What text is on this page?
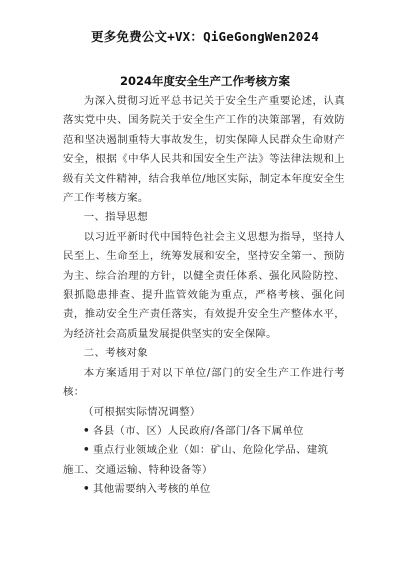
更多免费公文+VX：QiGeGongWen2024
2024年度安全生产工作考核方案

为深入贯彻习近平总书记关于安全生产重要论述，认真落实党中央、国务院关于安全生产工作的决策部署，有效防范和坚决遏制重特大事故发生，切实保障人民群众生命财产安全，根据《中华人民共和国安全生产法》等法律法规和上级有关文件精神，结合我单位/地区实际，制定本年度安全生产工作考核方案。

一、指导思想

以习近平新时代中国特色社会主义思想为指导，坚持人民至上、生命至上，统筹发展和安全，坚持安全第一、预防为主、综合治理的方针，以健全责任体系、强化风险防控、狠抓隐患排查、提升监管效能为重点，严格考核、强化问责，推动安全生产责任落实，有效提升安全生产整体水平，为经济社会高质量发展提供坚实的安全保障。

二、考核对象

本方案适用于对以下单位/部门的安全生产工作进行考核：

（可根据实际情况调整）

• 各县（市、区）人民政府/各部门/各下属单位

• 重点行业领域企业（如：矿山、危险化学品、建筑
施工、交通运输、特种设备等）

• 其他需要纳入考核的单位
